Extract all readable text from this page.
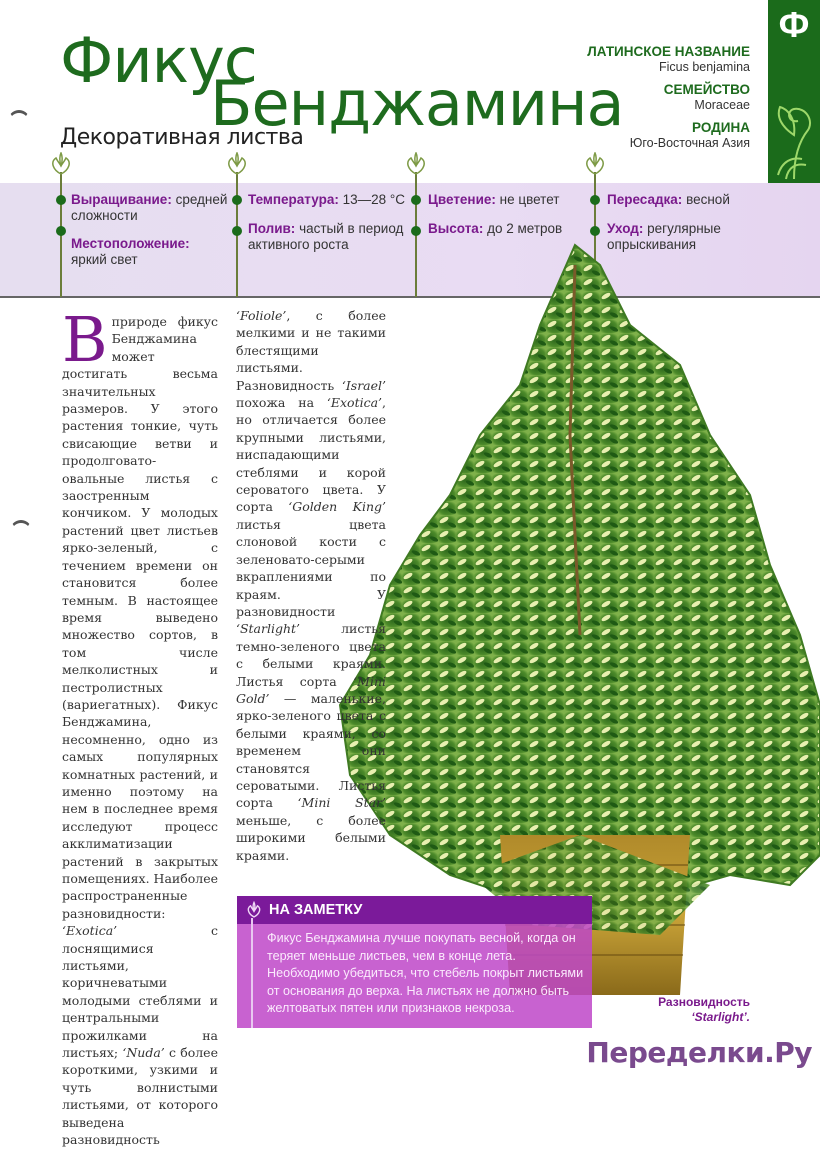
Фикус
Бенджамина
Декоративная листва
ЛАТИНСКОЕ НАЗВАНИЕ
Ficus benjamina
СЕМЕЙСТВО
Moraceae
РОДИНА
Юго-Восточная Азия
Ф
Выращивание: средней сложности
Местоположение:
яркий свет
Температура: 13—28 °С
Полив: частый в период активного роста
Цветение: не цветет
Высота: до 2 метров
Пересадка: весной
Уход: регулярные опрыскивания
В природе фикус Бенджамина может достигать весьма значительных размеров. У этого растения тонкие, чуть свисающие ветви и продолговато-овальные листья с заостренным кончиком. У молодых растений цвет листьев ярко-зеленый, с течением времени он становится более темным. В настоящее время выведено множество сортов, в том числе мелколистных и пестролистных (вариегатных). Фикус Бенджамина, несомненно, одно из самых популярных комнатных растений, и именно поэтому на нем в последнее время исследуют процесс акклиматизации растений в закрытых помещениях. Наиболее распространенные разновидности: ‘Exotica’	с лоснящимися листьями, коричневатыми молодыми стеблями и центральными прожилками на листьях; ‘Nuda’ с более короткими, узкими и чуть волнистыми листьями, от которого выведена разновидность
‘Foliole’, с более мелкими и не такими блестящими листьями. Разновидность ‘Israel’ похожа на ‘Exotica’, но отличается более крупными листьями, ниспадающими стеблями и корой сероватого цвета. У сорта ‘Golden King’ листья цвета слоновой кости с зеленовато-серыми вкраплениями по краям. У разновидности ‘Starlight’	листья темно-зеленого цвета с белыми краями. Листья сорта ‘Mini Gold’ — маленькие, ярко-зеленого цвета с белыми краями, со временем они становятся сероватыми. Листья сорта ‘Mini Star’ меньше, с более широкими белыми краями.
НА ЗАМЕТКУ
Фикус Бенджамина лучше покупать весной, когда он теряет меньше листьев, чем в конце лета. Необходимо убедиться, что стебель покрыт листьями от основания до верха. На листьях не должно быть желтоватых пятен или признаков некроза.	Разновидность
‘Starlight’.
Переделки.Ру
